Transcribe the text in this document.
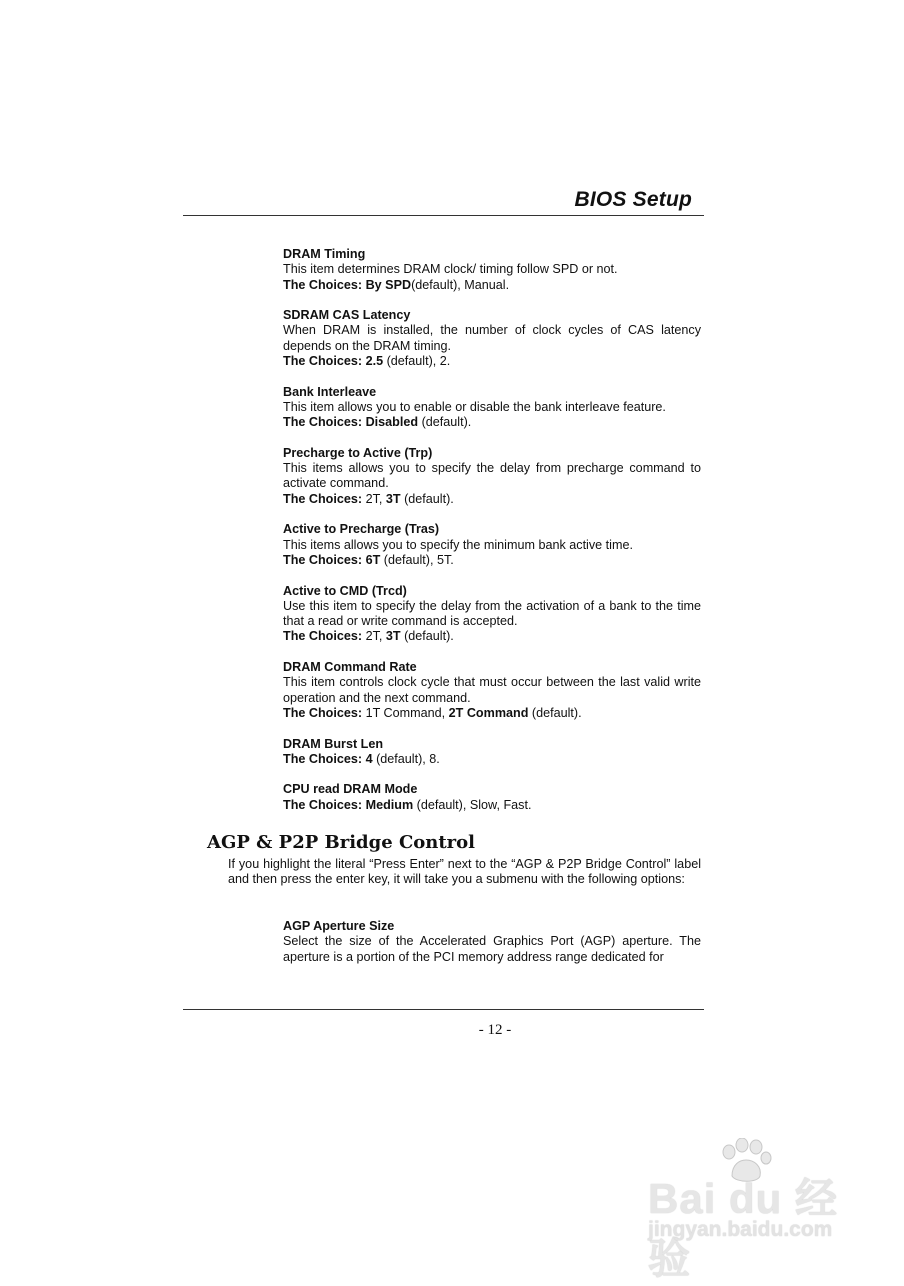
BIOS Setup
DRAM Timing
This item determines DRAM clock/ timing follow SPD or not.
The Choices: By SPD(default), Manual.
SDRAM CAS Latency
When DRAM is installed, the number of clock cycles of CAS latency depends on the DRAM timing.
The Choices: 2.5 (default), 2.
Bank Interleave
This item allows you to enable or disable the bank interleave feature.
The Choices: Disabled (default).
Precharge to Active (Trp)
This items allows you to specify the delay from precharge command to activate command.
The Choices: 2T, 3T (default).
Active to Precharge (Tras)
This items allows you to specify the minimum bank active time.
The Choices: 6T (default), 5T.
Active to CMD (Trcd)
Use this item to specify the delay from the activation of a bank to the time that a read or write command is accepted.
The Choices: 2T, 3T (default).
DRAM Command Rate
This item controls clock cycle that must occur between the last valid write operation and the next command.
The Choices: 1T Command, 2T Command (default).
DRAM Burst Len
The Choices: 4 (default), 8.
CPU read DRAM Mode
The Choices: Medium (default), Slow, Fast.
AGP & P2P Bridge Control
If you highlight the literal “Press Enter” next to the “AGP & P2P Bridge Control” label and then press the enter key, it will take you a submenu with the following options:
AGP Aperture Size
Select the size of the Accelerated Graphics Port (AGP) aperture. The aperture is a portion of the PCI memory address range dedicated for
- 12 -
Bai du 经验
jingyan.baidu.com
